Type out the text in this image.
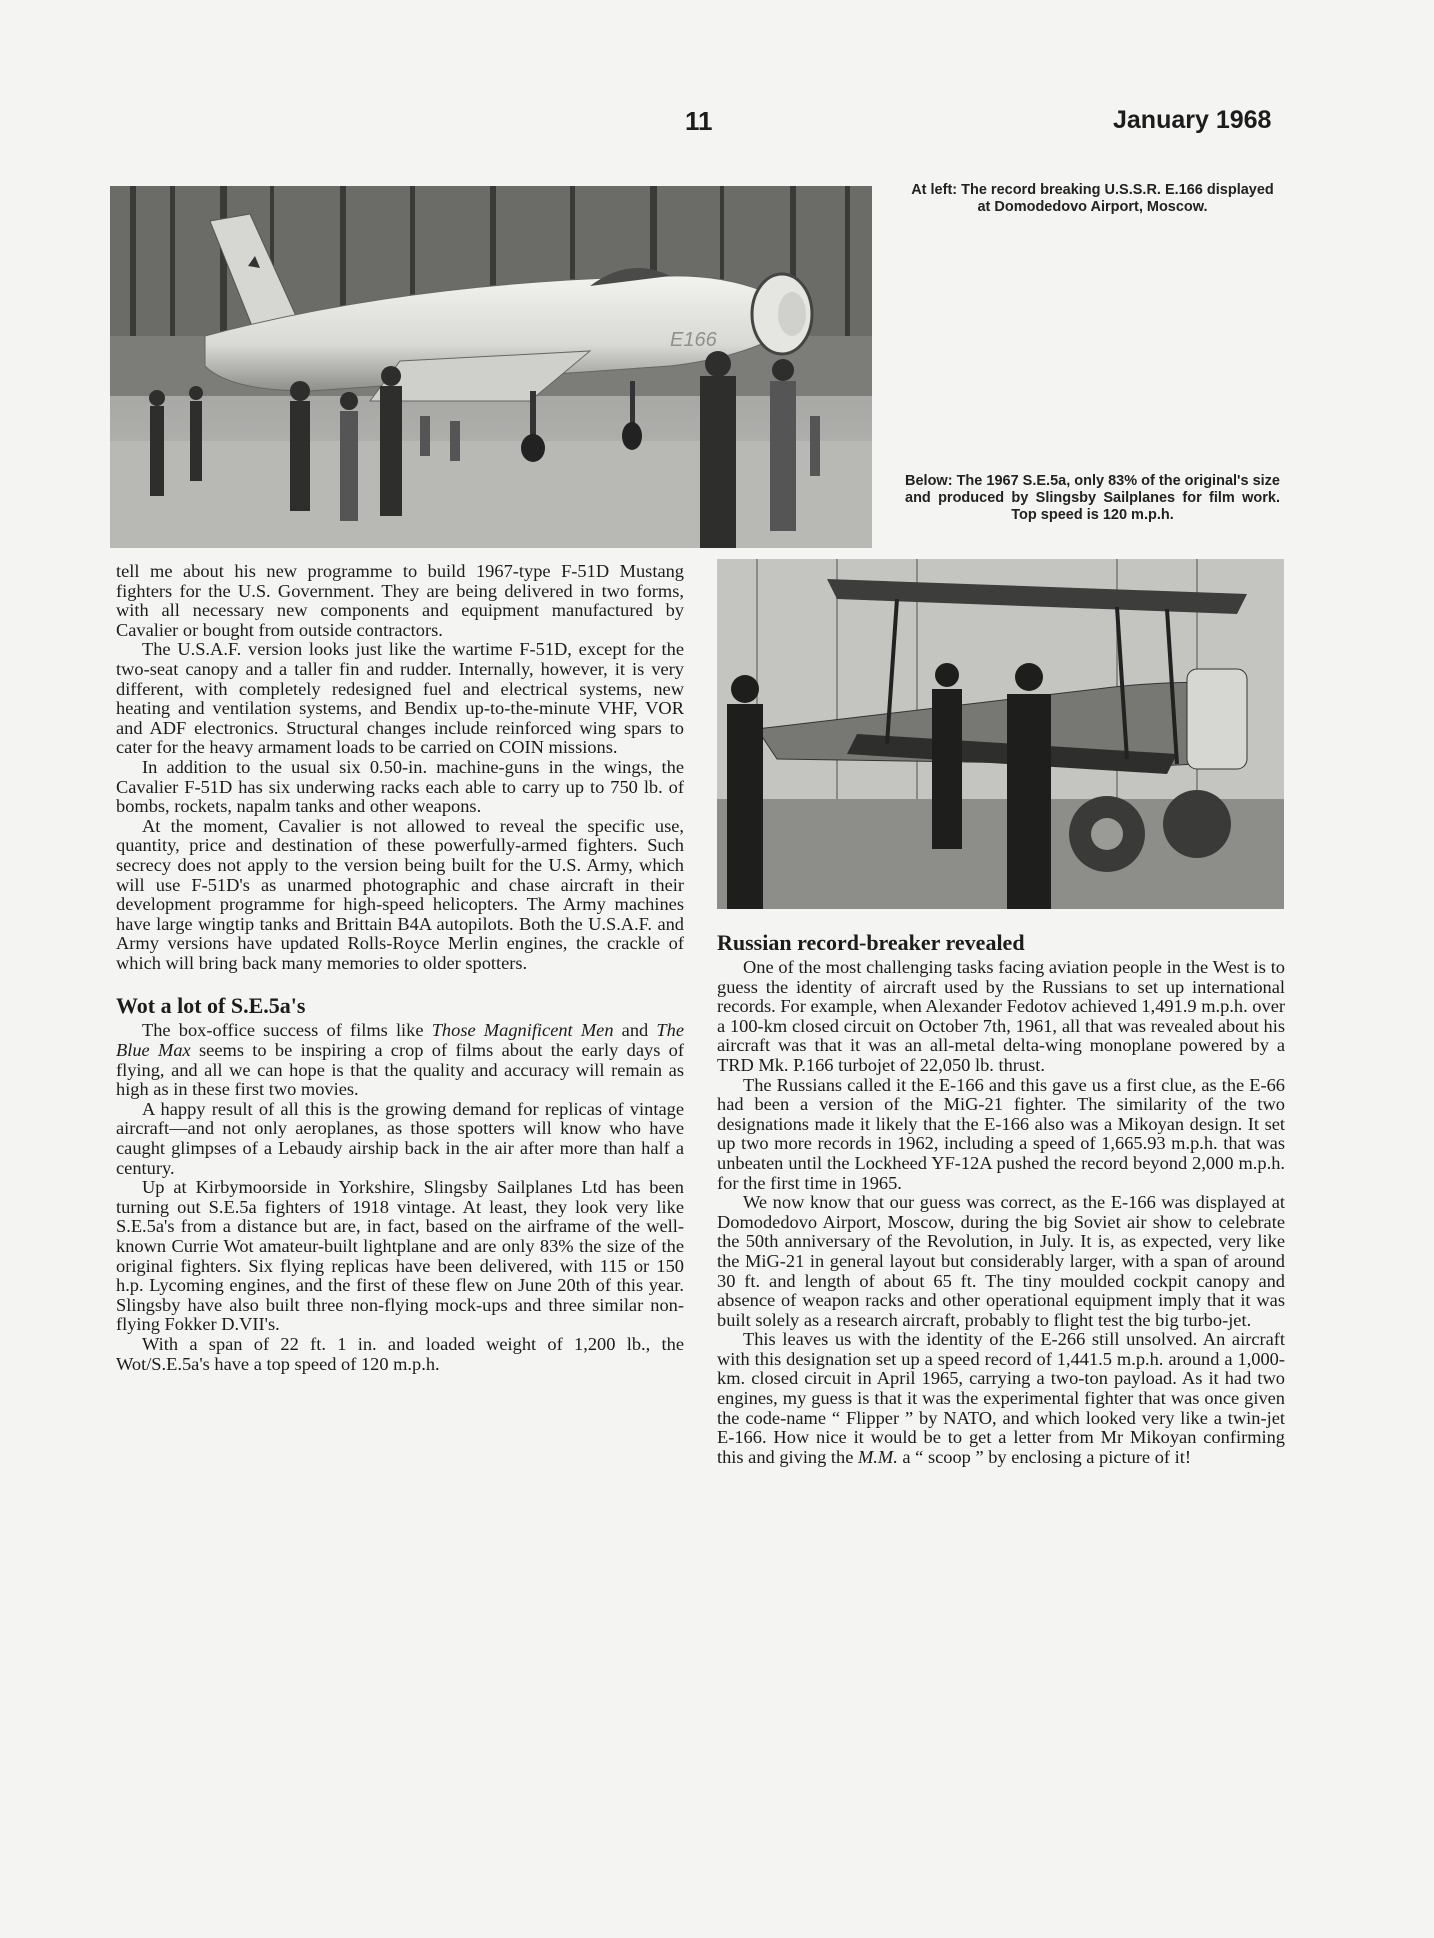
11	January 1968
E166
At left: The record breaking U.S.S.R. E.166 displayed at Domodedovo Airport, Moscow.
Below: The 1967 S.E.5a, only 83% of the original's size and produced by Slingsby Sailplanes for film work. Top speed is 120 m.p.h.

tell me about his new programme to build 1967-type F-51D Mustang fighters for the U.S. Government. They are being delivered in two forms, with all necessary new components and equipment manufactured by Cavalier or bought from outside contractors.

The U.S.A.F. version looks just like the wartime F-51D, except for the two-seat canopy and a taller fin and rudder. Internally, however, it is very different, with completely redesigned fuel and electrical systems, new heating and ventilation systems, and Bendix up-to-the-minute VHF, VOR and ADF electronics. Structural changes include reinforced wing spars to cater for the heavy armament loads to be carried on COIN missions.

In addition to the usual six 0.50-in. machine-guns in the wings, the Cavalier F-51D has six underwing racks each able to carry up to 750 lb. of bombs, rockets, napalm tanks and other weapons.

At the moment, Cavalier is not allowed to reveal the specific use, quantity, price and destination of these powerfully-armed fighters. Such secrecy does not apply to the version being built for the U.S. Army, which will use F-51D's as unarmed photographic and chase aircraft in their development programme for high-speed helicopters. The Army machines have large wingtip tanks and Brittain B4A autopilots. Both the U.S.A.F. and Army versions have updated Rolls-Royce Merlin engines, the crackle of which will bring back many memories to older spotters.

Wot a lot of S.E.5a's

The box-office success of films like Those Magnificent Men and The Blue Max seems to be inspiring a crop of films about the early days of flying, and all we can hope is that the quality and accuracy will remain as high as in these first two movies.

A happy result of all this is the growing demand for replicas of vintage aircraft—and not only aeroplanes, as those spotters will know who have caught glimpses of a Lebaudy airship back in the air after more than half a century.

Up at Kirbymoorside in Yorkshire, Slingsby Sailplanes Ltd has been turning out S.E.5a fighters of 1918 vintage. At least, they look very like S.E.5a's from a distance but are, in fact, based on the airframe of the well-known Currie Wot amateur-built lightplane and are only 83% the size of the original fighters. Six flying replicas have been delivered, with 115 or 150 h.p. Lycoming engines, and the first of these flew on June 20th of this year. Slingsby have also built three non-flying mock-ups and three similar non-flying Fokker D.VII's.

With a span of 22 ft. 1 in. and loaded weight of 1,200 lb., the Wot/S.E.5a's have a top speed of 120 m.p.h.

Russian record-breaker revealed

One of the most challenging tasks facing aviation people in the West is to guess the identity of aircraft used by the Russians to set up international records. For example, when Alexander Fedotov achieved 1,491.9 m.p.h. over a 100-km closed circuit on October 7th, 1961, all that was revealed about his aircraft was that it was an all-metal delta-wing monoplane powered by a TRD Mk. P.166 turbojet of 22,050 lb. thrust.

The Russians called it the E-166 and this gave us a first clue, as the E-66 had been a version of the MiG-21 fighter. The similarity of the two designations made it likely that the E-166 also was a Mikoyan design. It set up two more records in 1962, including a speed of 1,665.93 m.p.h. that was unbeaten until the Lockheed YF-12A pushed the record beyond 2,000 m.p.h. for the first time in 1965.

We now know that our guess was correct, as the E-166 was displayed at Domodedovo Airport, Moscow, during the big Soviet air show to celebrate the 50th anniversary of the Revolution, in July. It is, as expected, very like the MiG-21 in general layout but considerably larger, with a span of around 30 ft. and length of about 65 ft. The tiny moulded cockpit canopy and absence of weapon racks and other operational equipment imply that it was built solely as a research aircraft, probably to flight test the big turbo-jet.

This leaves us with the identity of the E-266 still unsolved. An aircraft with this designation set up a speed record of 1,441.5 m.p.h. around a 1,000-km. closed circuit in April 1965, carrying a two-ton payload. As it had two engines, my guess is that it was the experimental fighter that was once given the code-name “ Flipper ” by NATO, and which looked very like a twin-jet E-166. How nice it would be to get a letter from Mr Mikoyan confirming this and giving the M.M. a “ scoop ” by enclosing a picture of it!
